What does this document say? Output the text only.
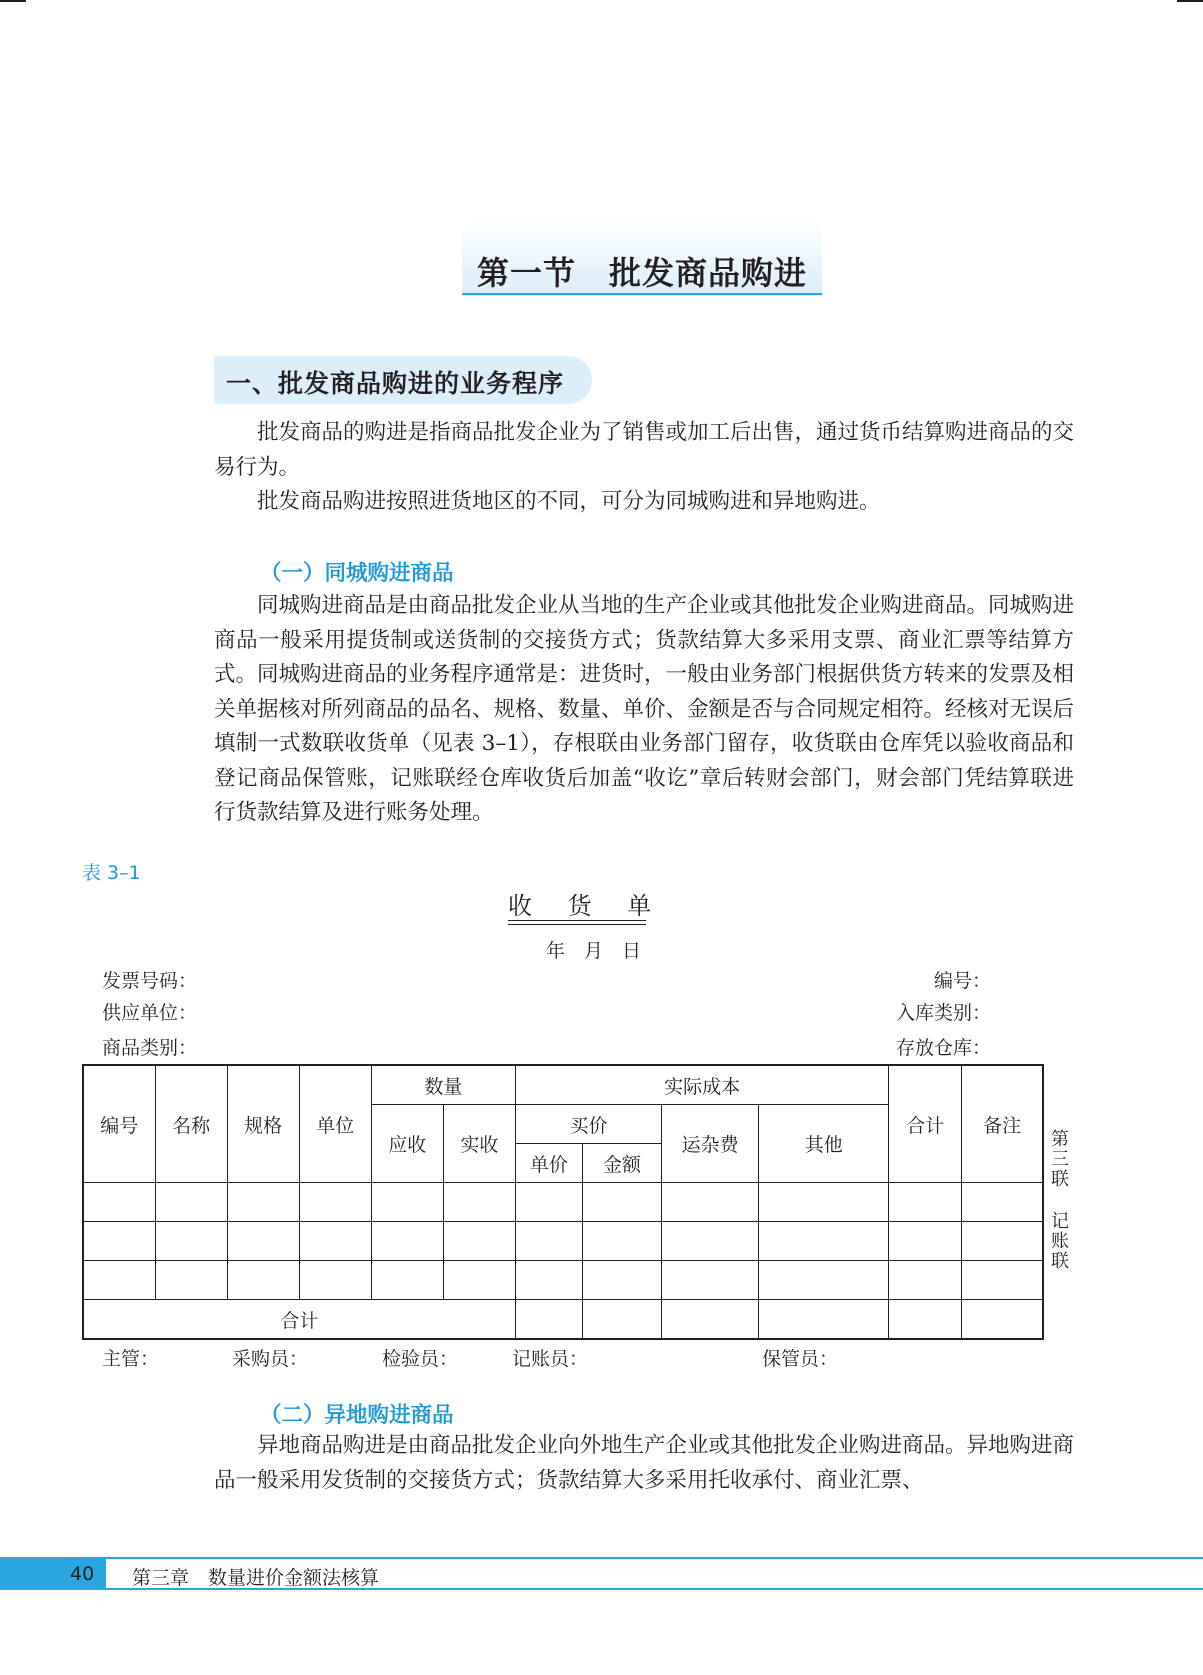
第一节　批发商品购进
一、批发商品购进的业务程序

批发商品的购进是指商品批发企业为了销售或加工后出售，通过货币结算购进商品的交易行为。

批发商品购进按照进货地区的不同，可分为同城购进和异地购进。

（一）同城购进商品

同城购进商品是由商品批发企业从当地的生产企业或其他批发企业购进商品。同城购进商品一般采用提货制或送货制的交接货方式；货款结算大多采用支票、商业汇票等结算方式。同城购进商品的业务程序通常是：进货时，一般由业务部门根据供货方转来的发票及相关单据核对所列商品的品名、规格、数量、单价、金额是否与合同规定相符。经核对无误后填制一式数联收货单（见表 3–1），存根联由业务部门留存，收货联由仓库凭以验收商品和登记商品保管账，记账联经仓库收货后加盖“收讫”章后转财会部门，财会部门凭结算联进行货款结算及进行账务处理。

表 3–1
收 货 单
年　月　日
发票号码：
供应单位：
商品类别：
编号：
入库类别：
存放仓库：
编号	名称	规格	单位	数量		实际成本				合计	备注
				应收	实收	买价		运杂费	其他		
						单价	金额				

合计											
第
三
联
记
账
联
主管：	采购员：	检验员：	记账员：	保管员：
（二）异地购进商品

异地商品购进是由商品批发企业向外地生产企业或其他批发企业购进商品。异地购进商品一般采用发货制的交接货方式；货款结算大多采用托收承付、商业汇票、

40 第三章　数量进价金额法核算
